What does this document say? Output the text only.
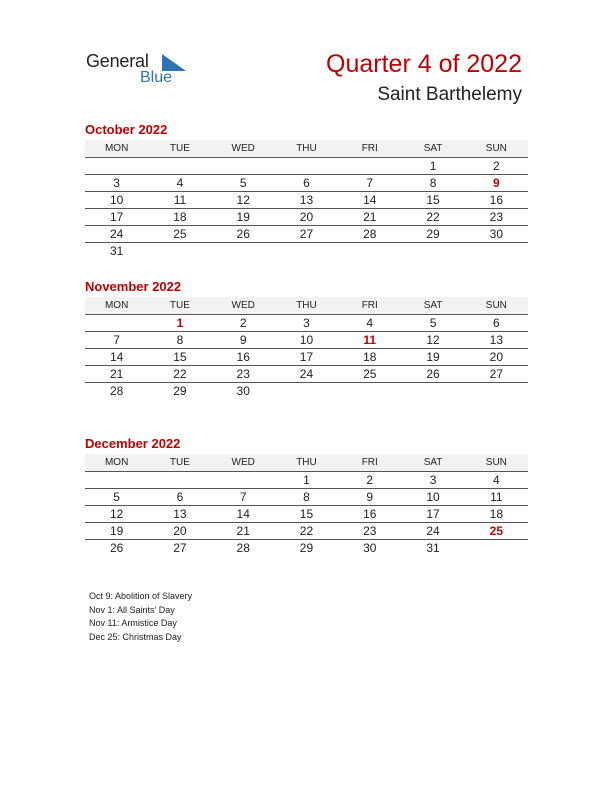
General
Blue	Quarter 4 of 2022
Saint Barthelemy
October 2022
MON	TUE	WED	THU	FRI	SAT	SUN
					1	2
3	4	5	6	7	8	9
10	11	12	13	14	15	16
17	18	19	20	21	22	23
24	25	26	27	28	29	30
31						
November 2022
MON	TUE	WED	THU	FRI	SAT	SUN
	1	2	3	4	5	6
7	8	9	10	11	12	13
14	15	16	17	18	19	20
21	22	23	24	25	26	27
28	29	30				
December 2022
MON	TUE	WED	THU	FRI	SAT	SUN
			1	2	3	4
5	6	7	8	9	10	11
12	13	14	15	16	17	18
19	20	21	22	23	24	25
26	27	28	29	30	31	
Oct 9: Abolition of Slavery
Nov 1: All Saints’ Day
Nov 11: Armistice Day
Dec 25: Christmas Day
